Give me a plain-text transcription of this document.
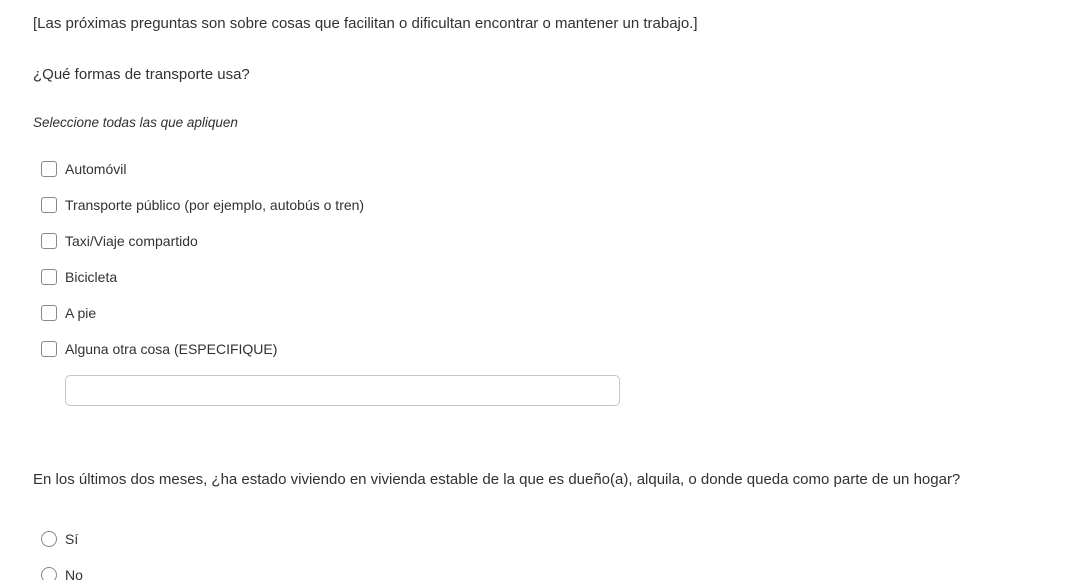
[Las próximas preguntas son sobre cosas que facilitan o dificultan encontrar o mantener un trabajo.]
¿Qué formas de transporte usa?
Seleccione todas las que apliquen
Automóvil
Transporte público (por ejemplo, autobús o tren)
Taxi/Viaje compartido
Bicicleta
A pie
Alguna otra cosa (ESPECIFIQUE)
En los últimos dos meses, ¿ha estado viviendo en vivienda estable de la que es dueño(a), alquila, o donde queda como parte de un hogar?
Sí
No
